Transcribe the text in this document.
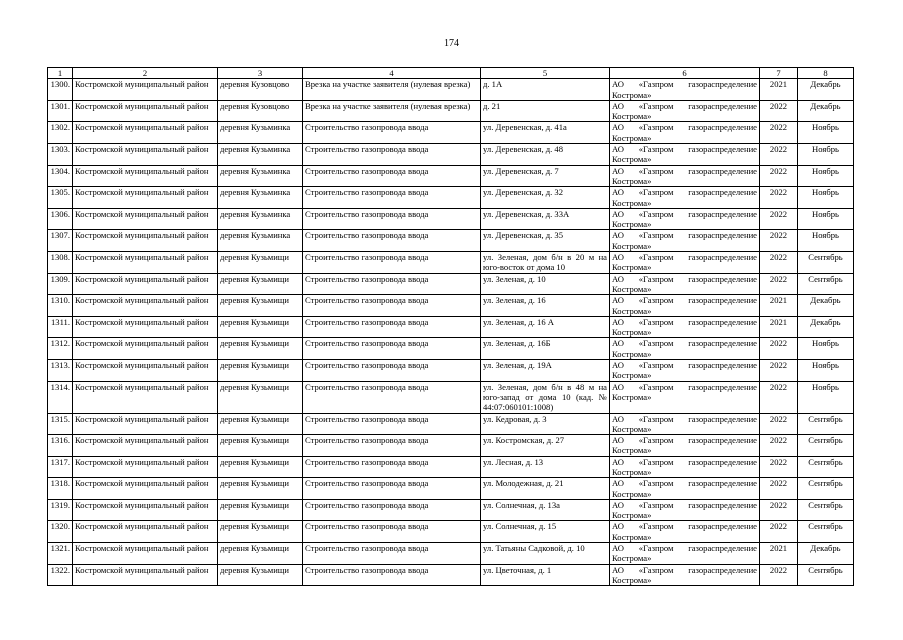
174
1	2	3	4	5	6	7	8
1300.	Костромской муниципальный район	деревня Кузовцово	Врезка на участке заявителя (нулевая врезка)	д. 1А	АО «Газпром газораспределение Кострома»	2021	Декабрь
1301.	Костромской муниципальный район	деревня Кузовцово	Врезка на участке заявителя (нулевая врезка)	д. 21	АО «Газпром газораспределение Кострома»	2022	Декабрь
1302.	Костромской муниципальный район	деревня Кузьминка	Строительство газопровода ввода	ул. Деревенская, д. 41а	АО «Газпром газораспределение Кострома»	2022	Ноябрь
1303.	Костромской муниципальный район	деревня Кузьминка	Строительство газопровода ввода	ул. Деревенская, д. 48	АО «Газпром газораспределение Кострома»	2022	Ноябрь
1304.	Костромской муниципальный район	деревня Кузьминка	Строительство газопровода ввода	ул. Деревенская, д. 7	АО «Газпром газораспределение Кострома»	2022	Ноябрь
1305.	Костромской муниципальный район	деревня Кузьминка	Строительство газопровода ввода	ул. Деревенская, д. 32	АО «Газпром газораспределение Кострома»	2022	Ноябрь
1306.	Костромской муниципальный район	деревня Кузьминка	Строительство газопровода ввода	ул. Деревенская, д. 33А	АО «Газпром газораспределение Кострома»	2022	Ноябрь
1307.	Костромской муниципальный район	деревня Кузьминка	Строительство газопровода ввода	ул. Деревенская, д. 35	АО «Газпром газораспределение Кострома»	2022	Ноябрь
1308.	Костромской муниципальный район	деревня Кузьмищи	Строительство газопровода ввода	ул. Зеленая, дом б/н в 20 м на юго-восток от дома 10	АО «Газпром газораспределение Кострома»	2022	Сентябрь
1309.	Костромской муниципальный район	деревня Кузьмищи	Строительство газопровода ввода	ул. Зеленая, д. 10	АО «Газпром газораспределение Кострома»	2022	Сентябрь
1310.	Костромской муниципальный район	деревня Кузьмищи	Строительство газопровода ввода	ул. Зеленая, д. 16	АО «Газпром газораспределение Кострома»	2021	Декабрь
1311.	Костромской муниципальный район	деревня Кузьмищи	Строительство газопровода ввода	ул. Зеленая, д. 16 А	АО «Газпром газораспределение Кострома»	2021	Декабрь
1312.	Костромской муниципальный район	деревня Кузьмищи	Строительство газопровода ввода	ул. Зеленая, д. 16Б	АО «Газпром газораспределение Кострома»	2022	Ноябрь
1313.	Костромской муниципальный район	деревня Кузьмищи	Строительство газопровода ввода	ул. Зеленая, д. 19А	АО «Газпром газораспределение Кострома»	2022	Ноябрь
1314.	Костромской муниципальный район	деревня Кузьмищи	Строительство газопровода ввода	ул. Зеленая, дом б/н в 48 м на юго-запад от дома 10 (кад. № 44:07:060101:1008)	АО «Газпром газораспределение Кострома»	2022	Ноябрь
1315.	Костромской муниципальный район	деревня Кузьмищи	Строительство газопровода ввода	ул. Кедровая, д. 3	АО «Газпром газораспределение Кострома»	2022	Сентябрь
1316.	Костромской муниципальный район	деревня Кузьмищи	Строительство газопровода ввода	ул. Костромская, д. 27	АО «Газпром газораспределение Кострома»	2022	Сентябрь
1317.	Костромской муниципальный район	деревня Кузьмищи	Строительство газопровода ввода	ул. Лесная, д. 13	АО «Газпром газораспределение Кострома»	2022	Сентябрь
1318.	Костромской муниципальный район	деревня Кузьмищи	Строительство газопровода ввода	ул. Молодежная, д. 21	АО «Газпром газораспределение Кострома»	2022	Сентябрь
1319.	Костромской муниципальный район	деревня Кузьмищи	Строительство газопровода ввода	ул. Солнечная, д. 13а	АО «Газпром газораспределение Кострома»	2022	Сентябрь
1320.	Костромской муниципальный район	деревня Кузьмищи	Строительство газопровода ввода	ул. Солнечная, д. 15	АО «Газпром газораспределение Кострома»	2022	Сентябрь
1321.	Костромской муниципальный район	деревня Кузьмищи	Строительство газопровода ввода	ул. Татьяны Садковой, д. 10	АО «Газпром газораспределение Кострома»	2021	Декабрь
1322.	Костромской муниципальный район	деревня Кузьмищи	Строительство газопровода ввода	ул. Цветочная, д. 1	АО «Газпром газораспределение Кострома»	2022	Сентябрь
